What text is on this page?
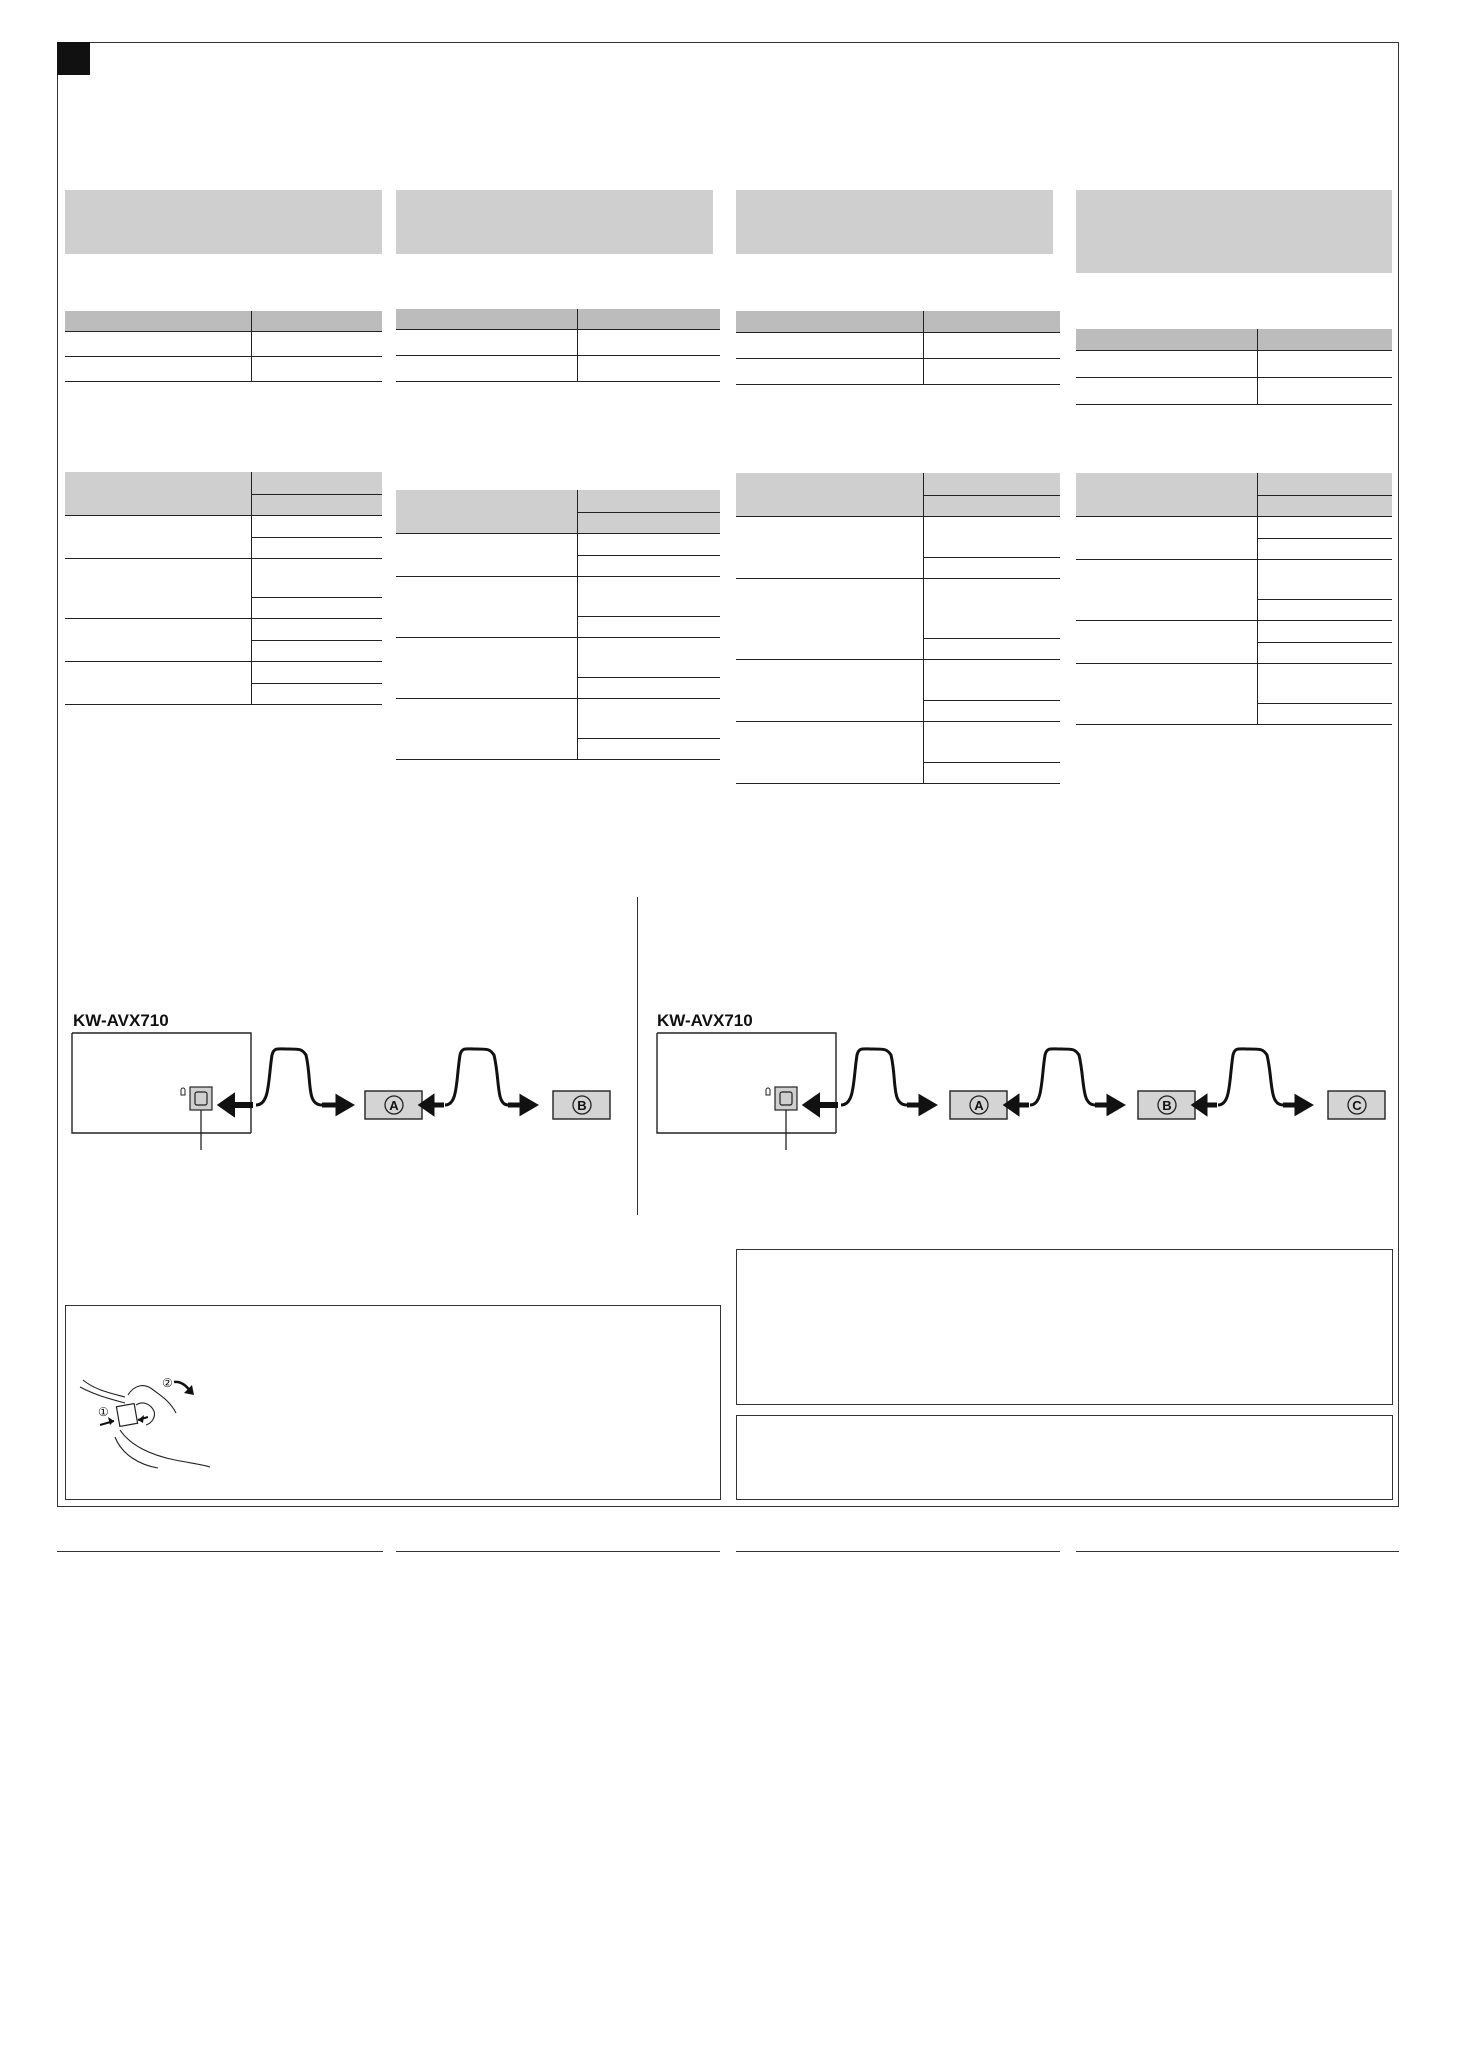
KW-AVX710	KW-AVX710
A	B	A	B	C
①
②
